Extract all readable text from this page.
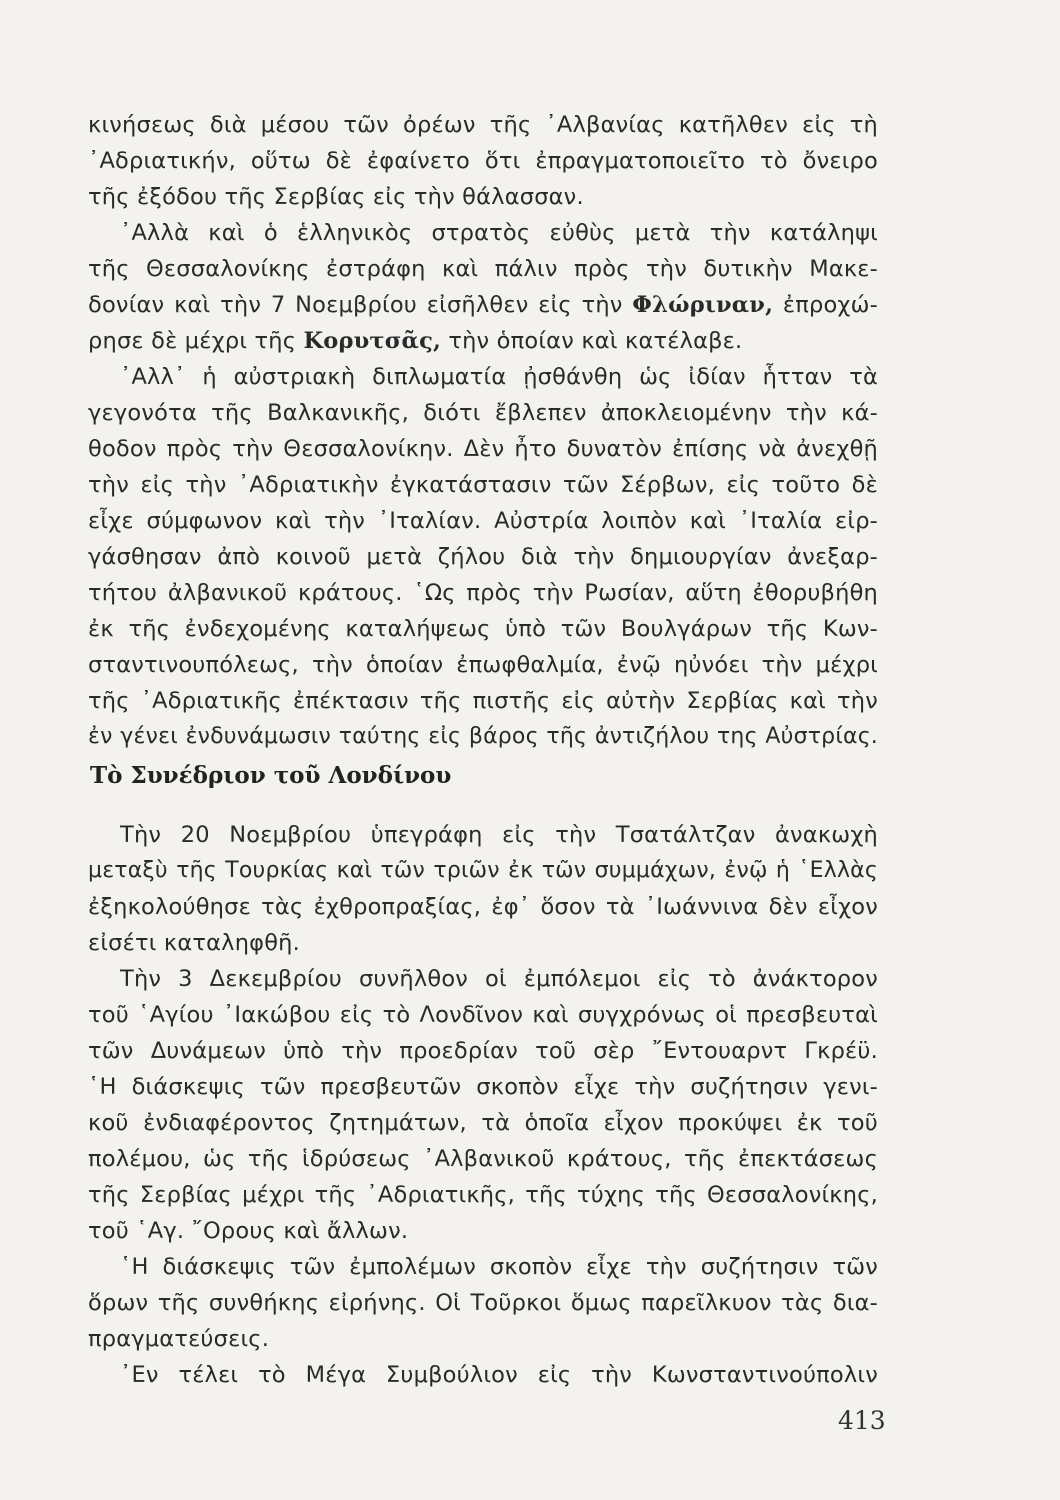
κινήσεως διὰ μέσου τῶν ὀρέων τῆς ᾿Αλβανίας κατῆλθεν εἰς τὴ
᾿Αδριατικήν, οὕτω δὲ ἐφαίνετο ὅτι ἐπραγματοποιεῖτο τὸ ὄνειρο
τῆς ἐξόδου τῆς Σερβίας εἰς τὴν θάλασσαν.
᾿Αλλὰ καὶ ὁ ἑλληνικὸς στρατὸς εὐθὺς μετὰ τὴν κατάληψι
τῆς Θεσσαλονίκης ἐστράφη καὶ πάλιν πρὸς τὴν δυτικὴν Μακε-
δονίαν καὶ τὴν 7 Νοεμβρίου εἰσῆλθεν εἰς τὴν Φλώριναν, ἐπροχώ-
ρησε δὲ μέχρι τῆς Κορυτσᾶς, τὴν ὁποίαν καὶ κατέλαβε.
᾿Αλλ᾿ ἡ αὐστριακὴ διπλωματία ᾐσθάνθη ὡς ἰδίαν ἧτταν τὰ
γεγονότα τῆς Βαλκανικῆς, διότι ἔβλεπεν ἀποκλειομένην τὴν κά-
θοδον πρὸς τὴν Θεσσαλονίκην. Δὲν ἦτο δυνατὸν ἐπίσης νὰ ἀνεχθῇ
τὴν εἰς τὴν ᾿Αδριατικὴν ἐγκατάστασιν τῶν Σέρβων, εἰς τοῦτο δὲ
εἶχε σύμφωνον καὶ τὴν ᾿Ιταλίαν. Αὐστρία λοιπὸν καὶ ᾿Ιταλία εἰρ-
γάσθησαν ἀπὸ κοινοῦ μετὰ ζήλου διὰ τὴν δημιουργίαν ἀνεξαρ-
τήτου ἀλβανικοῦ κράτους. ῾Ως πρὸς τὴν Ρωσίαν, αὕτη ἐθορυβήθη
ἐκ τῆς ἐνδεχομένης καταλήψεως ὑπὸ τῶν Βουλγάρων τῆς Κων-
σταντινουπόλεως, τὴν ὁποίαν ἐπωφθαλμία, ἐνῷ ηὐνόει τὴν μέχρι
τῆς ᾿Αδριατικῆς ἐπέκτασιν τῆς πιστῆς εἰς αὐτὴν Σερβίας καὶ τὴν
ἐν γένει ἐνδυνάμωσιν ταύτης εἰς βάρος τῆς ἀντιζήλου της Αὐστρίας.
Τὸ Συνέδριον τοῦ Λονδίνου
Τὴν 20 Νοεμβρίου ὑπεγράφη εἰς τὴν Τσατάλτζαν ἀνακωχὴ
μεταξὺ τῆς Τουρκίας καὶ τῶν τριῶν ἐκ τῶν συμμάχων, ἐνῷ ἡ ῾Ελλὰς
ἐξηκολούθησε τὰς ἐχθροπραξίας, ἐφ᾿ ὅσον τὰ ᾿Ιωάννινα δὲν εἶχον
εἰσέτι καταληφθῆ.
Τὴν 3 Δεκεμβρίου συνῆλθον οἱ ἐμπόλεμοι εἰς τὸ ἀνάκτορον
τοῦ ῾Αγίου ᾿Ιακώβου εἰς τὸ Λονδῖνον καὶ συγχρόνως οἱ πρεσβευταὶ
τῶν Δυνάμεων ὑπὸ τὴν προεδρίαν τοῦ σὲρ ῎Εντουαρντ Γκρέϋ.
῾Η διάσκεψις τῶν πρεσβευτῶν σκοπὸν εἶχε τὴν συζήτησιν γενι-
κοῦ ἐνδιαφέροντος ζητημάτων, τὰ ὁποῖα εἶχον προκύψει ἐκ τοῦ
πολέμου, ὡς τῆς ἱδρύσεως ᾿Αλβανικοῦ κράτους, τῆς ἐπεκτάσεως
τῆς Σερβίας μέχρι τῆς ᾿Αδριατικῆς, τῆς τύχης τῆς Θεσσαλονίκης,
τοῦ ῾Αγ. ῎Ορους καὶ ἄλλων.
῾Η διάσκεψις τῶν ἐμπολέμων σκοπὸν εἶχε τὴν συζήτησιν τῶν
ὅρων τῆς συνθήκης εἰρήνης. Οἱ Τοῦρκοι ὅμως παρεῖλκυον τὰς δια-
πραγματεύσεις.
᾿Εν τέλει τὸ Μέγα Συμβούλιον εἰς τὴν Κωνσταντινούπολιν
413
